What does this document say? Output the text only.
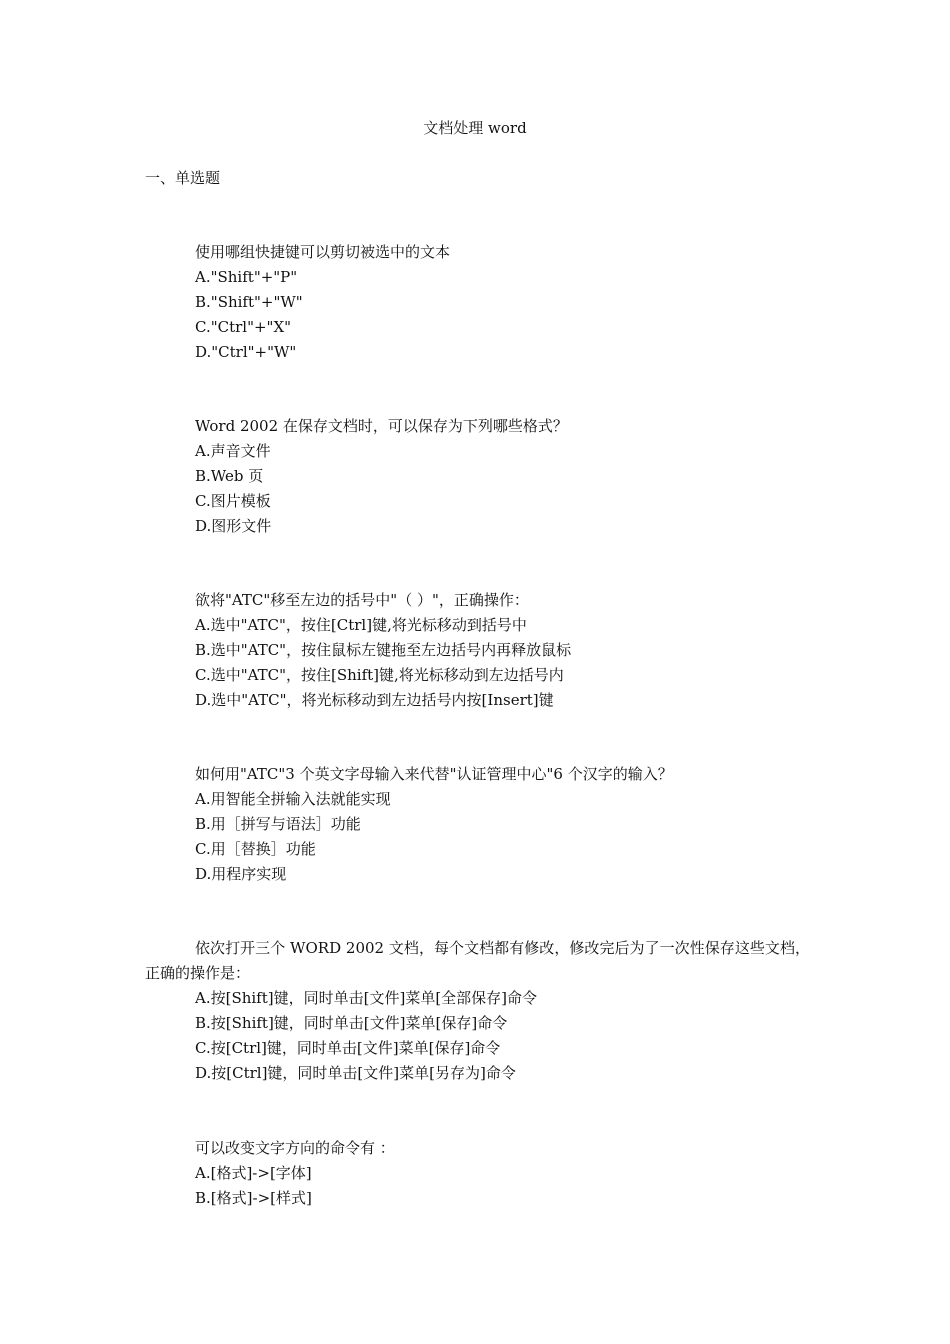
文档处理 word
一、单选题

使用哪组快捷键可以剪切被选中的文本

A."Shift"+"P"
B."Shift"+"W"
C."Ctrl"+"X"
D."Ctrl"+"W"

Word 2002 在保存文档时，可以保存为下列哪些格式？

A.声音文件
B.Web 页
C.图片模板
D.图形文件

欲将"ATC"移至左边的括号中"（ ）"，正确操作：

A.选中"ATC"，按住[Ctrl]键,将光标移动到括号中
B.选中"ATC"，按住鼠标左键拖至左边括号内再释放鼠标
C.选中"ATC"，按住[Shift]键,将光标移动到左边括号内
D.选中"ATC"，将光标移动到左边括号内按[Insert]键

如何用"ATC"3 个英文字母输入来代替"认证管理中心"6 个汉字的输入？

A.用智能全拼输入法就能实现
B.用［拼写与语法］功能
C.用［替换］功能
D.用程序实现

依次打开三个 WORD 2002 文档，每个文档都有修改，修改完后为了一次性保存这些文档，正确的操作是：

A.按[Shift]键，同时单击[文件]菜单[全部保存]命令
B.按[Shift]键，同时单击[文件]菜单[保存]命令
C.按[Ctrl]键，同时单击[文件]菜单[保存]命令
D.按[Ctrl]键，同时单击[文件]菜单[另存为]命令

可以改变文字方向的命令有 ：

A.[格式]->[字体]
B.[格式]->[样式]
